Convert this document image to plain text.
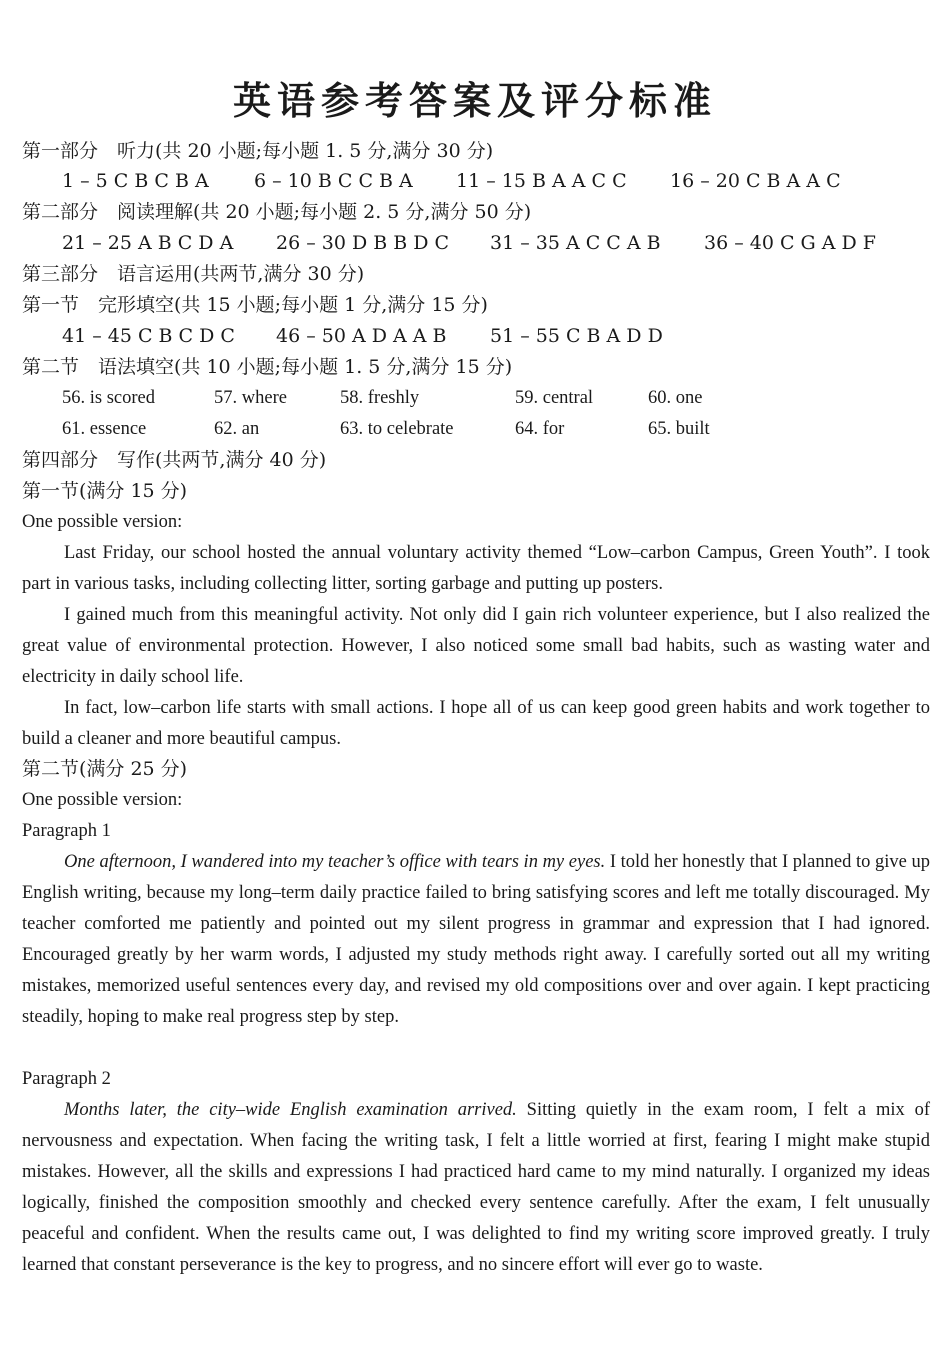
英语参考答案及评分标准
第一部分　听力(共 20 小题;每小题 1. 5 分,满分 30 分)
1 – 5 C B C B A 6 – 10 B C C B A 11 – 15 B A A C C 16 – 20 C B A A C
第二部分　阅读理解(共 20 小题;每小题 2. 5 分,满分 50 分)
21 – 25 A B C D A 26 – 30 D B B D C 31 – 35 A C C A B 36 – 40 C G A D F
第三部分　语言运用(共两节,满分 30 分)
第一节　完形填空(共 15 小题;每小题 1 分,满分 15 分)
41 – 45 C B C D C 46 – 50 A D A A B 51 – 55 C B A D D
第二节　语法填空(共 10 小题;每小题 1. 5 分,满分 15 分)
56. is scored	57. where	58. freshly	59. central	60. one
61. essence	62. an	63. to celebrate	64. for	65. built
第四部分　写作(共两节,满分 40 分)
第一节(满分 15 分)
One possible version:

Last Friday, our school hosted the annual voluntary activity themed “Low–carbon Campus, Green Youth”. I took part in various tasks, including collecting litter, sorting garbage and putting up posters.

I gained much from this meaningful activity. Not only did I gain rich volunteer experience, but I also realized the great value of environmental protection. However, I also noticed some small bad habits, such as wasting water and electricity in daily school life.

In fact, low–carbon life starts with small actions. I hope all of us can keep good green habits and work together to build a cleaner and more beautiful campus.

第二节(满分 25 分)
One possible version:
Paragraph 1

One afternoon, I wandered into my teacher’s office with tears in my eyes. I told her honestly that I planned to give up English writing, because my long–term daily practice failed to bring satisfying scores and left me totally discouraged. My teacher comforted me patiently and pointed out my silent progress in grammar and expression that I had ignored. Encouraged greatly by her warm words, I adjusted my study methods right away. I carefully sorted out all my writing mistakes, memorized useful sentences every day, and revised my old compositions over and over again. I kept practicing steadily, hoping to make real progress step by step.

Paragraph 2

Months later, the city–wide English examination arrived. Sitting quietly in the exam room, I felt a mix of nervousness and expectation. When facing the writing task, I felt a little worried at first, fearing I might make stupid mistakes. However, all the skills and expressions I had practiced hard came to my mind naturally. I organized my ideas logically, finished the composition smoothly and checked every sentence carefully. After the exam, I felt unusually peaceful and confident. When the results came out, I was delighted to find my writing score improved greatly. I truly learned that constant perseverance is the key to progress, and no sincere effort will ever go to waste.
